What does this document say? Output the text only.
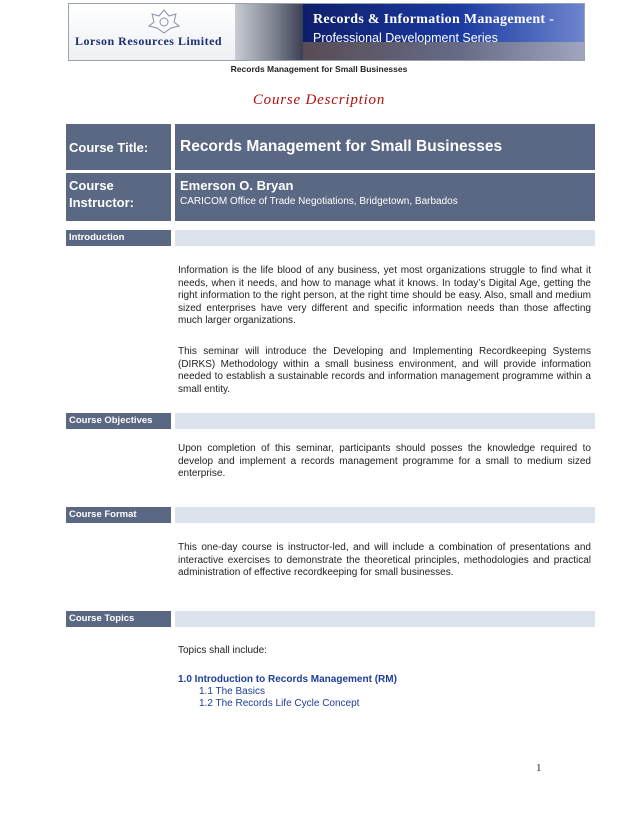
Lorson Resources Limited
Records & Information Management -
Professional Development Series
Records Management for Small Businesses
Course Description
Course Title:	Records Management for Small Businesses
Course
Instructor:
Emerson O. Bryan
CARICOM Office of Trade Negotiations, Bridgetown, Barbados
Introduction
Information is the life blood of any business, yet most organizations struggle to find what it needs, when it needs, and how to manage what it knows. In today’s Digital Age, getting the right information to the right person, at the right time should be easy. Also, small and medium sized enterprises have very different and specific information needs than those affecting much larger organizations.
This seminar will introduce the Developing and Implementing Recordkeeping Systems (DIRKS) Methodology within a small business environment, and will provide information needed to establish a sustainable records and information management programme within a small entity.
Course Objectives
Upon completion of this seminar, participants should posses the knowledge required to develop and implement a records management programme for a small to medium sized enterprise.
Course Format
This one-day course is instructor-led, and will include a combination of presentations and interactive exercises to demonstrate the theoretical principles, methodologies and practical administration of effective recordkeeping for small businesses.
Course Topics
Topics shall include:
1.0 Introduction to Records Management (RM)
1.1 The Basics
1.2 The Records Life Cycle Concept
1
